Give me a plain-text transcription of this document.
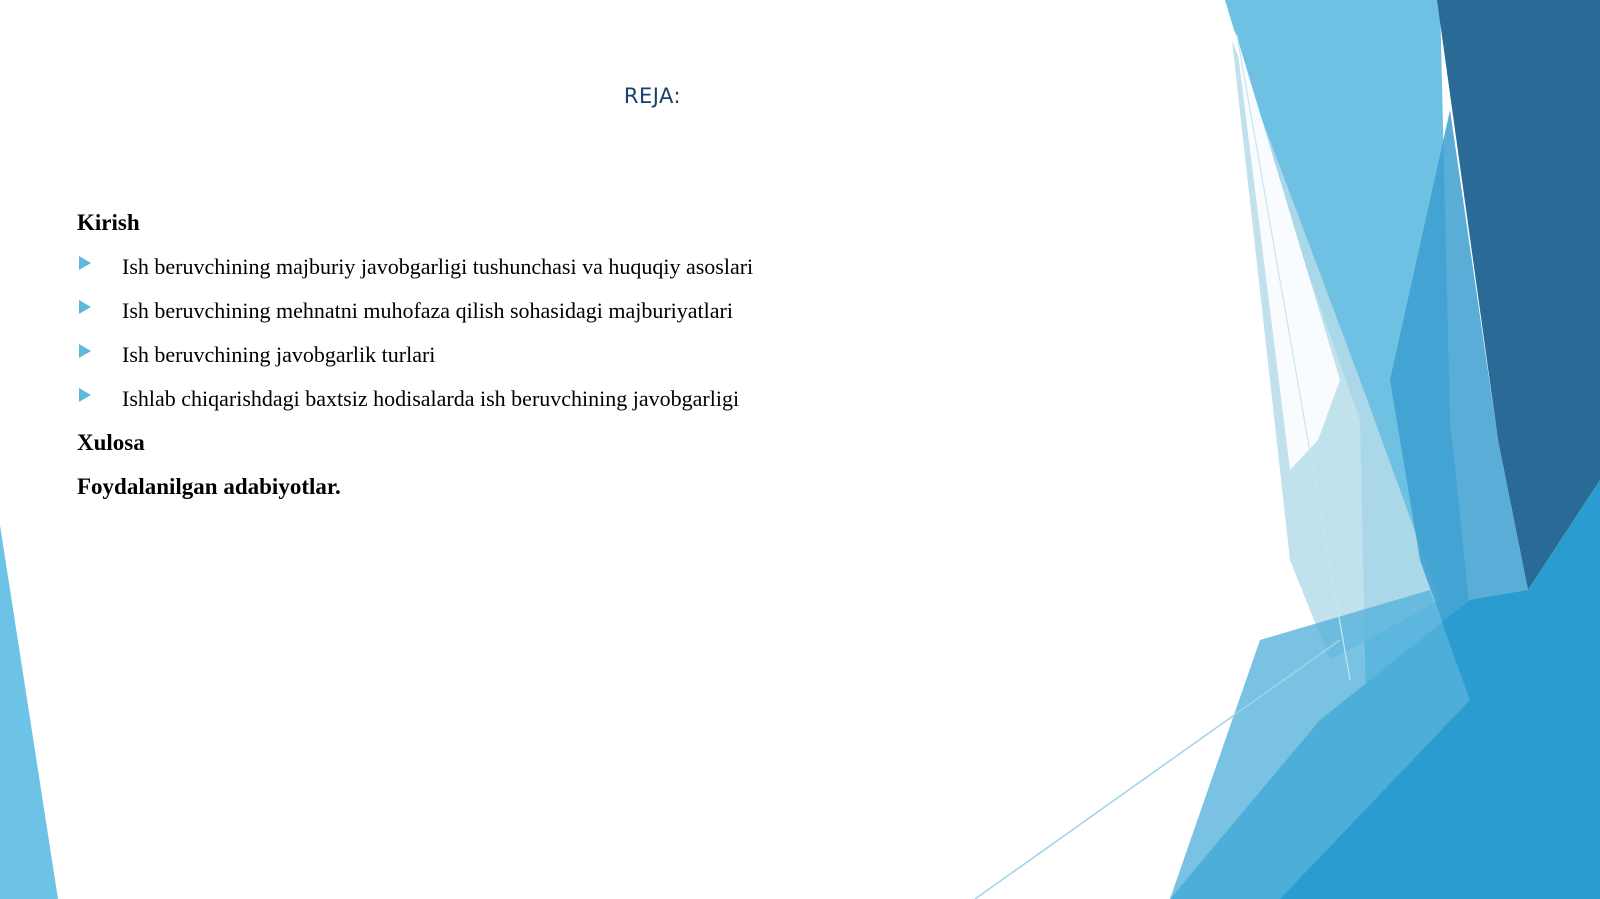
REJA:
Kirish
Ish beruvchining majburiy javobgarligi tushunchasi va huquqiy asoslari
Ish beruvchining mehnatni muhofaza qilish sohasidagi majburiyatlari
Ish beruvchining javobgarlik turlari
Ishlab chiqarishdagi baxtsiz hodisalarda ish beruvchining javobgarligi
Xulosa
Foydalanilgan adabiyotlar.
